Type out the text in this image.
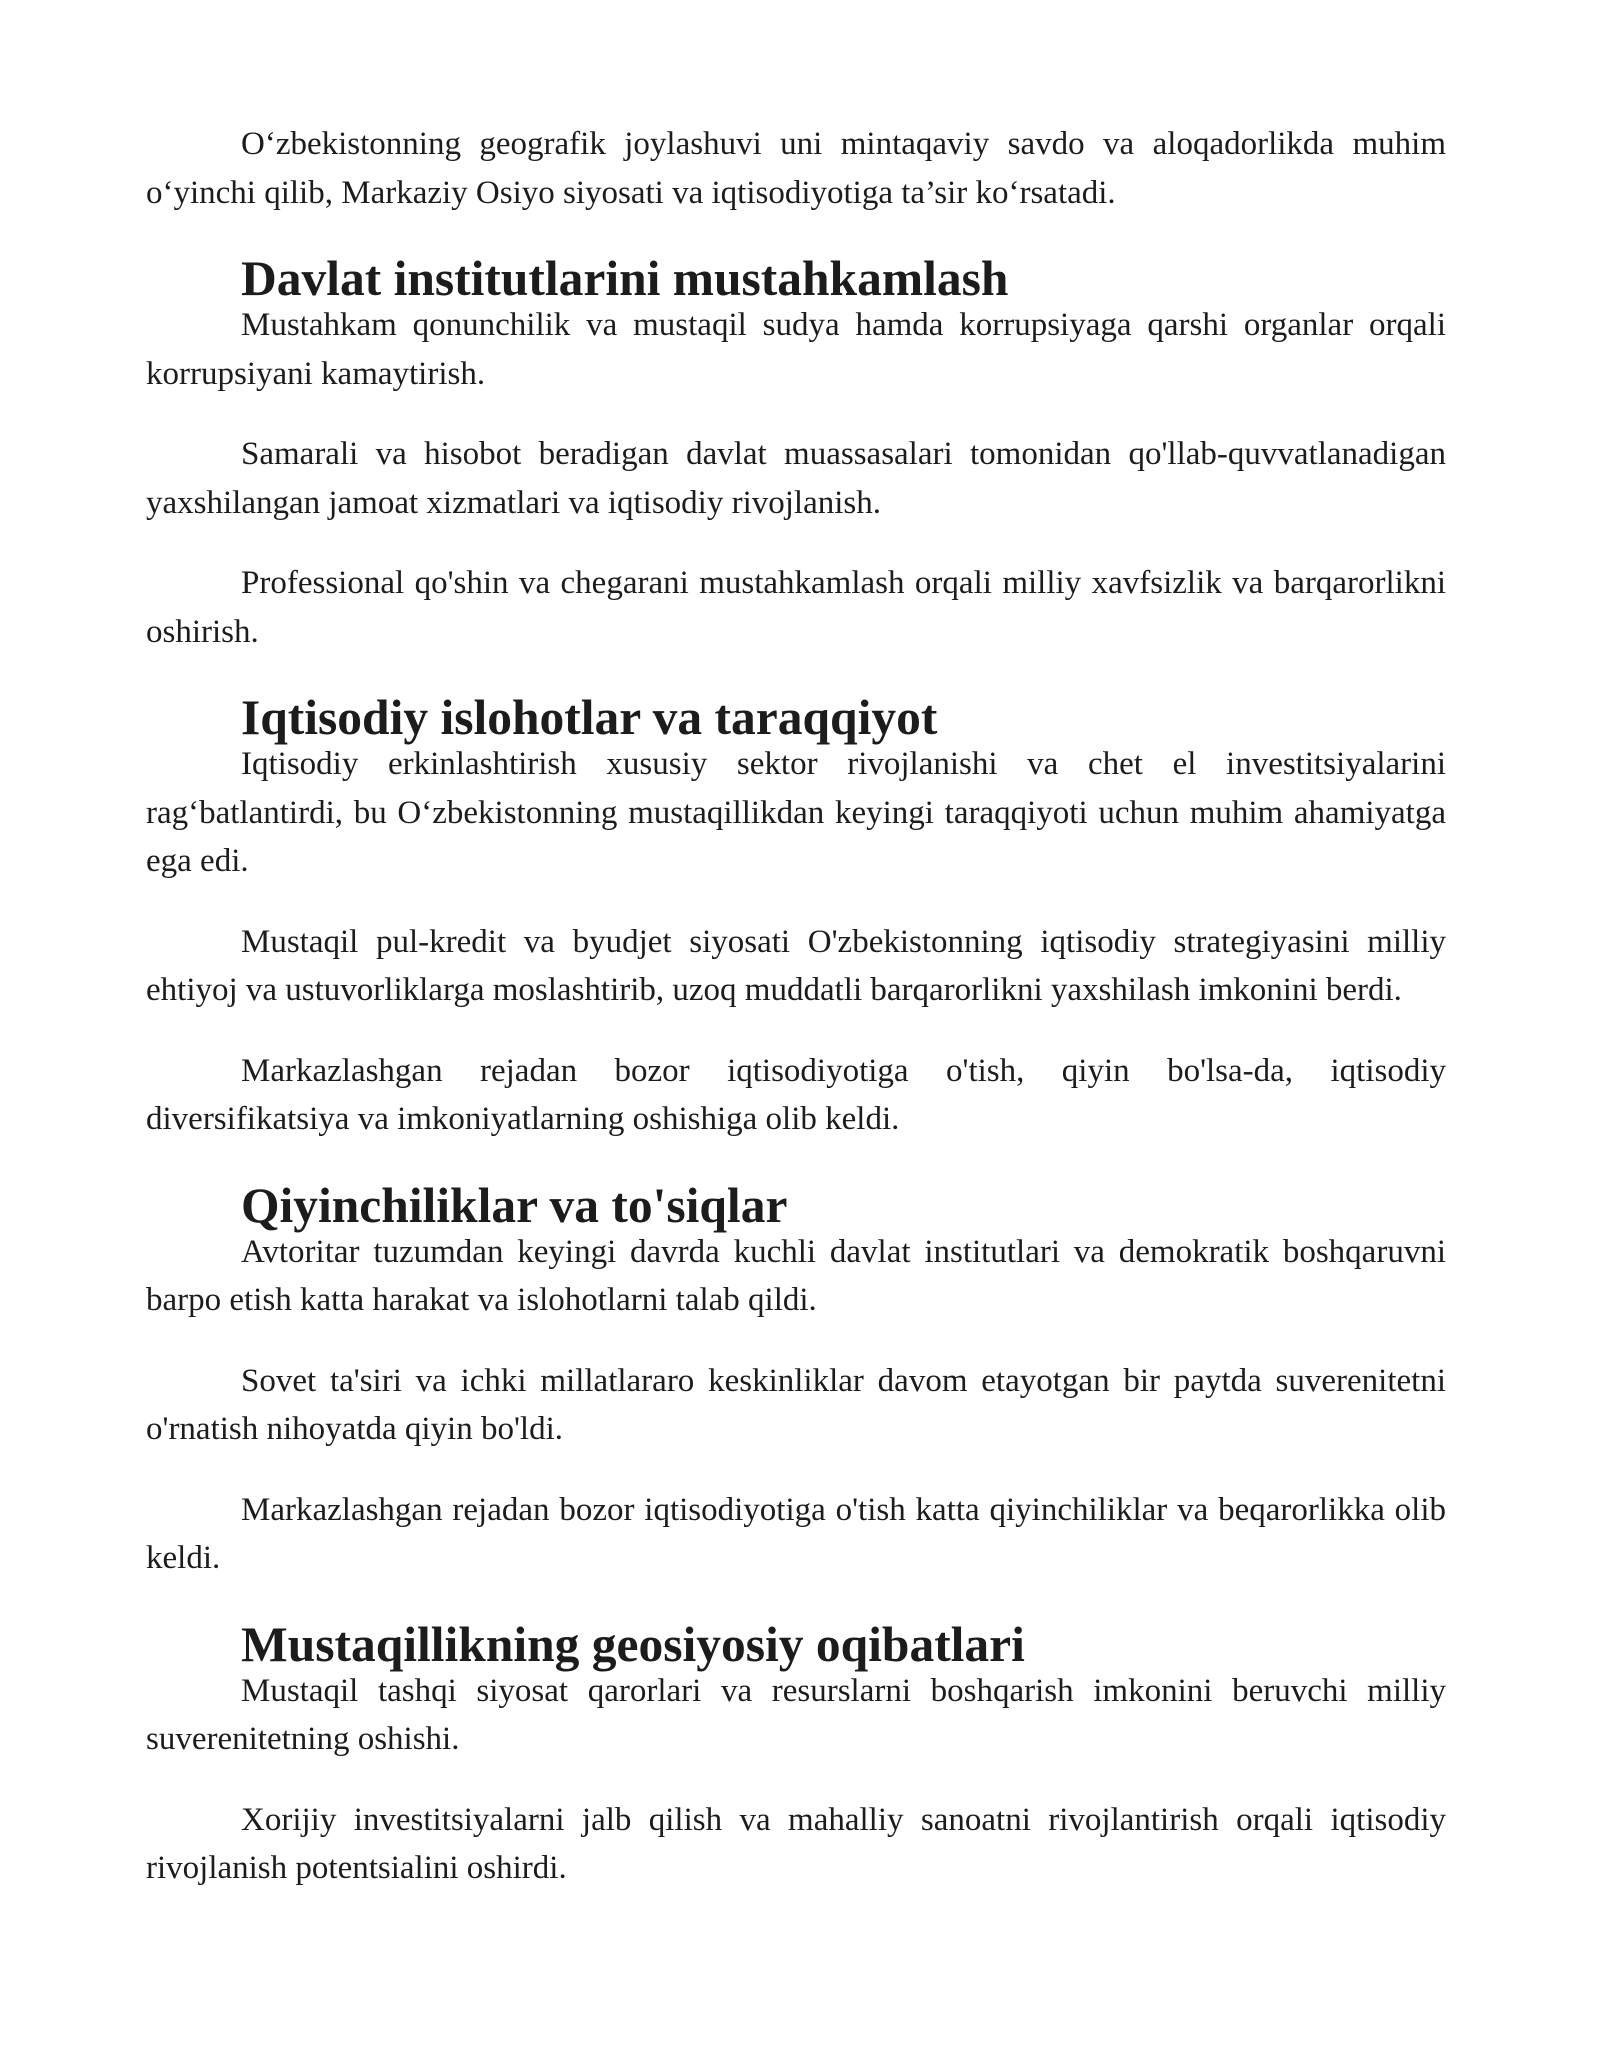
O‘zbekistonning geografik joylashuvi uni mintaqaviy savdo va aloqadorlikda muhim o‘yinchi qilib, Markaziy Osiyo siyosati va iqtisodiyotiga ta’sir ko‘rsatadi.

Davlat institutlarini mustahkamlash

Mustahkam qonunchilik va mustaqil sudya hamda korrupsiyaga qarshi organlar orqali korrupsiyani kamaytirish.

Samarali va hisobot beradigan davlat muassasalari tomonidan qo'llab-quvvatlanadigan yaxshilangan jamoat xizmatlari va iqtisodiy rivojlanish.

Professional qo'shin va chegarani mustahkamlash orqali milliy xavfsizlik va barqarorlikni oshirish.

Iqtisodiy islohotlar va taraqqiyot

Iqtisodiy erkinlashtirish xususiy sektor rivojlanishi va chet el investitsiyalarini rag‘batlantirdi, bu O‘zbekistonning mustaqillikdan keyingi taraqqiyoti uchun muhim ahamiyatga ega edi.

Mustaqil pul-kredit va byudjet siyosati O'zbekistonning iqtisodiy strategiyasini milliy ehtiyoj va ustuvorliklarga moslashtirib, uzoq muddatli barqarorlikni yaxshilash imkonini berdi.

Markazlashgan rejadan bozor iqtisodiyotiga o'tish, qiyin bo'lsa-da, iqtisodiy diversifikatsiya va imkoniyatlarning oshishiga olib keldi.

Qiyinchiliklar va to'siqlar

Avtoritar tuzumdan keyingi davrda kuchli davlat institutlari va demokratik boshqaruvni barpo etish katta harakat va islohotlarni talab qildi.

Sovet ta'siri va ichki millatlararo keskinliklar davom etayotgan bir paytda suverenitetni o'rnatish nihoyatda qiyin bo'ldi.

Markazlashgan rejadan bozor iqtisodiyotiga o'tish katta qiyinchiliklar va beqarorlikka olib keldi.

Mustaqillikning geosiyosiy oqibatlari

Mustaqil tashqi siyosat qarorlari va resurslarni boshqarish imkonini beruvchi milliy suverenitetning oshishi.

Xorijiy investitsiyalarni jalb qilish va mahalliy sanoatni rivojlantirish orqali iqtisodiy rivojlanish potentsialini oshirdi.
